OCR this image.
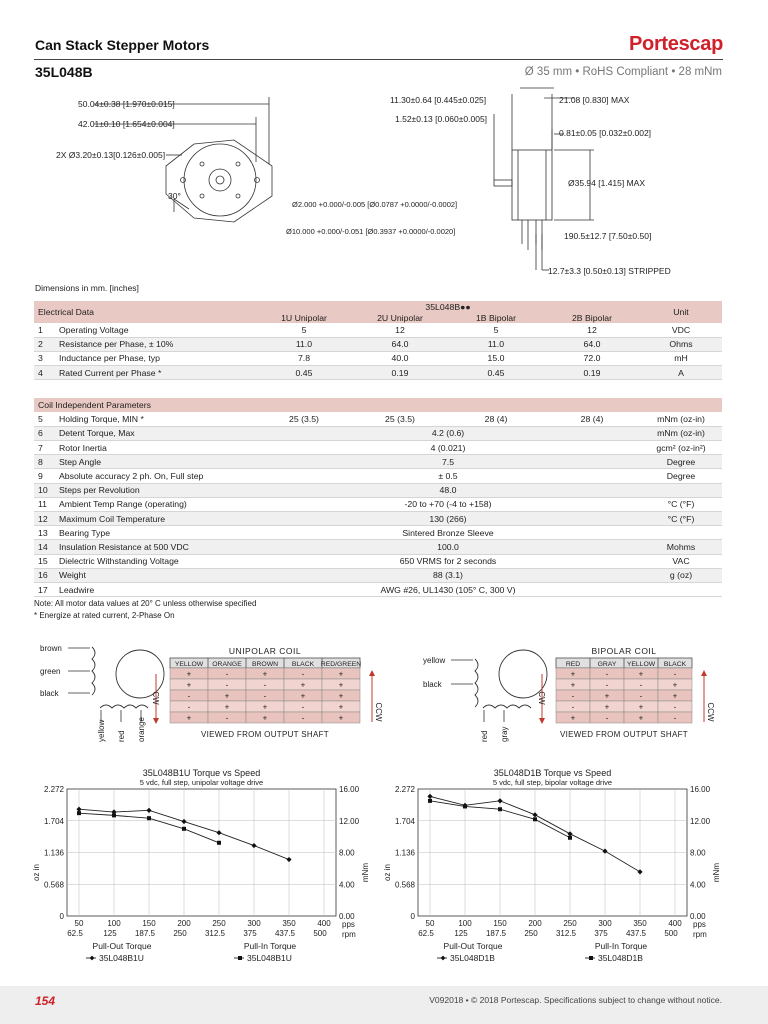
Can Stack Stepper Motors	Portescap
35L048B	Ø 35 mm • RoHS Compliant • 28 mNm
50.04±0.38 [1.970±0.015]
42.01±0.10 [1.654±0.004]
2X Ø3.20±0.13[0.126±0.005]
30°
11.30±0.64 [0.445±0.025]
1.52±0.13 [0.060±0.005]
21.08 [0.830] MAX
0.81±0.05 [0.032±0.002]
Ø35.94 [1.415] MAX
Ø2.000 +0.000/-0.005 [Ø0.0787 +0.0000/-0.0002]
Ø10.000 +0.000/-0.051 [Ø0.3937 +0.0000/-0.0020]	190.5±12.7 [7.50±0.50]
12.7±3.3 [0.50±0.13] STRIPPED
Dimensions in mm. [inches]
Electrical Data		35L048B●●				Unit
		1U Unipolar	2U Unipolar	1B Bipolar	2B Bipolar	
1	Operating Voltage	5	12	5	12	VDC
2	Resistance per Phase, ± 10%	11.0	64.0	11.0	64.0	Ohms
3	Inductance per Phase, typ	7.8	40.0	15.0	72.0	mH
4	Rated Current per Phase *	0.45	0.19	0.45	0.19	A
Coil Independent Parameters						
5	Holding Torque, MIN *	25 (3.5)	25 (3.5)	28 (4)	28 (4)	mNm (oz-in)
6	Detent Torque, Max	4.2 (0.6)				mNm (oz-in)
7	Rotor Inertia	4 (0.021)				gcm² (oz-in²)
8	Step Angle	7.5				Degree
9	Absolute accuracy 2 ph. On, Full step	± 0.5				Degree
10	Steps per Revolution	48.0				
11	Ambient Temp Range (operating)	-20 to +70 (-4 to +158)				°C (°F)
12	Maximum Coil Temperature	130 (266)				°C (°F)
13	Bearing Type	Sintered Bronze Sleeve				
14	Insulation Resistance at 500 VDC	100.0				Mohms
15	Dielectric Withstanding Voltage	650 VRMS for 2 seconds				VAC
16	Weight	88 (3.1)				g (oz)
17	Leadwire	AWG #26, UL1430 (105° C, 300 V)				
Note: All motor data values at 20° C unless otherwise specified
* Energize at rated current, 2-Phase On
brown
green
black
yellow red orange
UNIPOLAR COIL
YELLOW ORANGE BROWN BLACK RED/GREEN
+	-	+	-	+
+	-	-	+	+
-	+	-	+	+
-	+	+	-	+
+	-	+	-	+
CW
CCW
VIEWED FROM OUTPUT SHAFT
yellow
black
red gray
BIPOLAR COIL
RED	GRAY YELLOW BLACK
+	-	+	-
+	-	-	+
-	+	-	+
-	+	+	-
+	-	+	-
CW
CCW
VIEWED FROM OUTPUT SHAFT
35L048B1U Torque vs Speed
5 vdc, full step, unipolar voltage drive
0	0.00
0.568	4.00
1.136	8.00
1.704	12.00
2.272	16.00
50
62.5
100
125
150
187.5
200
250
250
312.5
300
375
350
437.5
400
500
pps
rpm
oz in	mNm
Pull-Out Torque
35L048B1U
Pull-In Torque
35L048B1U
35L048D1B Torque vs Speed
5 vdc, full step, bipolar voltage drive
0	0.00
0.568	4.00
1.136	8.00
1.704	12.00
2.272	16.00
50
62.5
100
125
150
187.5
200
250
250
312.5
300
375
350
437.5
400
500
pps
rpm
oz in	mNm
Pull-Out Torque
35L048D1B
Pull-In Torque
35L048D1B
154	V092018 • © 2018 Portescap. Specifications subject to change without notice.
